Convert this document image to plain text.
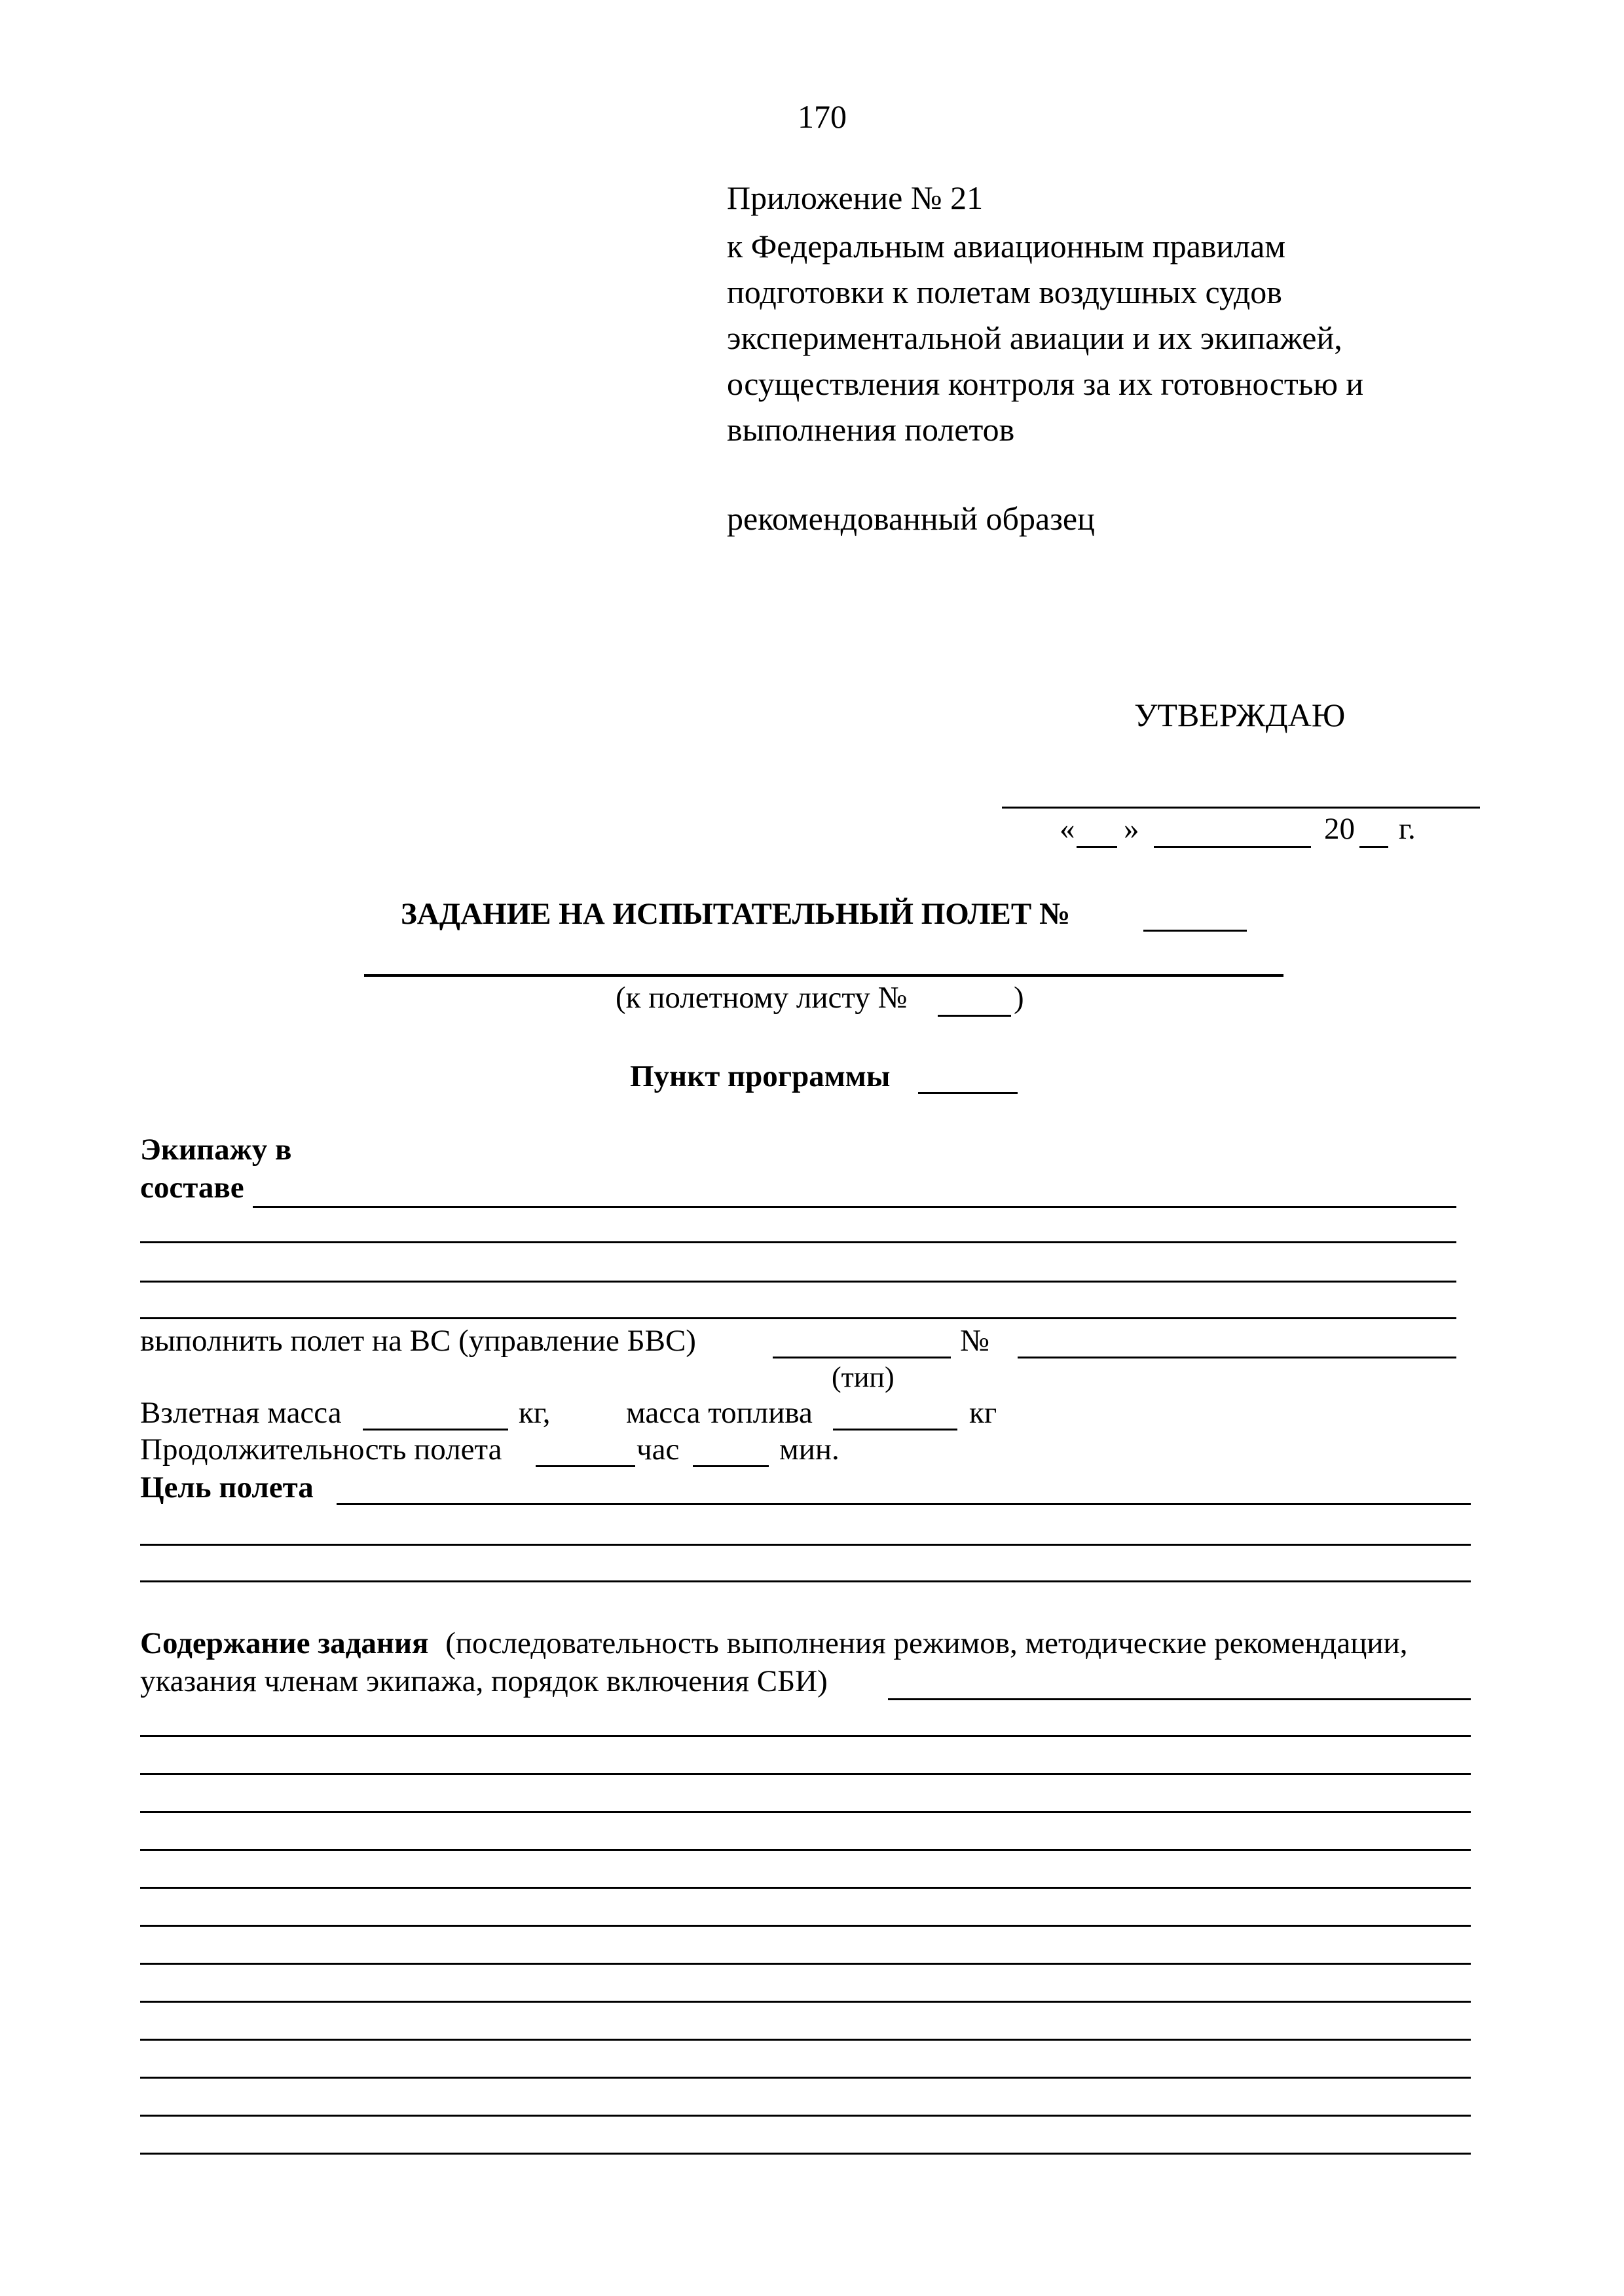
170
Приложение № 21
к Федеральным авиационным правилам
подготовки к полетам воздушных судов
экспериментальной авиации и их экипажей,
осуществления контроля за их готовностью и
выполнения полетов
рекомендованный образец
УТВЕРЖДАЮ
« »	20 г.
ЗАДАНИЕ НА ИСПЫТАТЕЛЬНЫЙ ПОЛЕТ №
(к полетному листу №	)
Пункт программы
Экипажу в
составе
выполнить полет на ВС (управление БВС)	№
(тип)
Взлетная масса	кг, масса топлива	кг
Продолжительность полета	час	мин.
Цель полета
Содержание задания (последовательность выполнения режимов, методические рекомендации,
указания членам экипажа, порядок включения СБИ)
